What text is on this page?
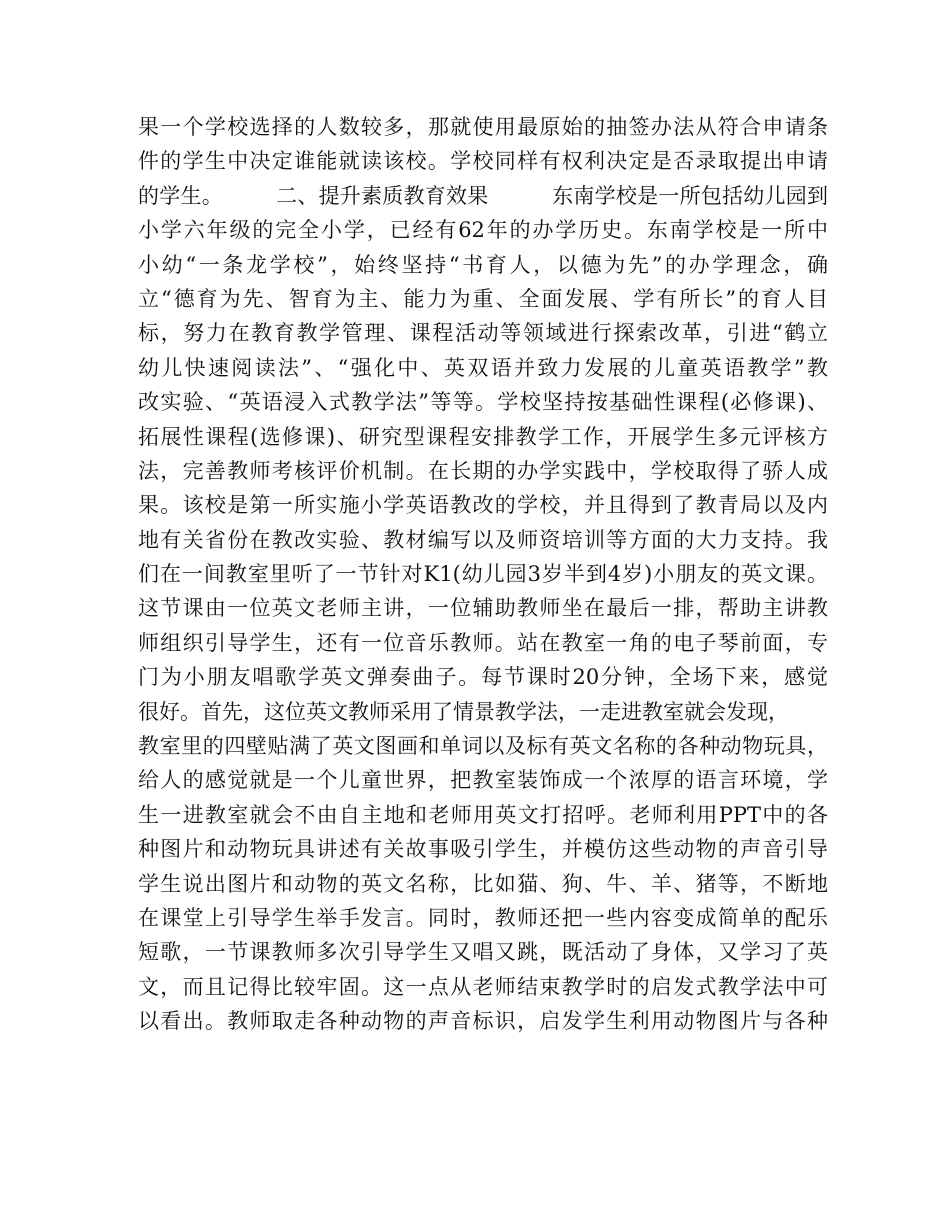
果一个学校选择的人数较多，那就使用最原始的抽签办法从符合申请条
件的学生中决定谁能就读该校。学校同样有权利决定是否录取提出申请
的学生。　　　二、提升素质教育效果　　　东南学校是一所包括幼儿园到
小学六年级的完全小学，已经有62年的办学历史。东南学校是一所中
小幼“一条龙学校”，始终坚持“书育人，以德为先”的办学理念，确
立“德育为先、智育为主、能力为重、全面发展、学有所长”的育人目
标，努力在教育教学管理、课程活动等领域进行探索改革，引进“鹤立
幼儿快速阅读法”、“强化中、英双语并致力发展的儿童英语教学”教
改实验、“英语浸入式教学法”等等。学校坚持按基础性课程(必修课)、
拓展性课程(选修课)、研究型课程安排教学工作，开展学生多元评核方
法，完善教师考核评价机制。在长期的办学实践中，学校取得了骄人成
果。该校是第一所实施小学英语教改的学校，并且得到了教青局以及内
地有关省份在教改实验、教材编写以及师资培训等方面的大力支持。我
们在一间教室里听了一节针对K1(幼儿园3岁半到4岁)小朋友的英文课。
这节课由一位英文老师主讲，一位辅助教师坐在最后一排，帮助主讲教
师组织引导学生，还有一位音乐教师。站在教室一角的电子琴前面，专
门为小朋友唱歌学英文弹奏曲子。每节课时20分钟，全场下来，感觉
很好。首先，这位英文教师采用了情景教学法，一走进教室就会发现，
教室里的四壁贴满了英文图画和单词以及标有英文名称的各种动物玩具，
给人的感觉就是一个儿童世界，把教室装饰成一个浓厚的语言环境，学
生一进教室就会不由自主地和老师用英文打招呼。老师利用PPT中的各
种图片和动物玩具讲述有关故事吸引学生，并模仿这些动物的声音引导
学生说出图片和动物的英文名称，比如猫、狗、牛、羊、猪等，不断地
在课堂上引导学生举手发言。同时，教师还把一些内容变成简单的配乐
短歌，一节课教师多次引导学生又唱又跳，既活动了身体，又学习了英
文，而且记得比较牢固。这一点从老师结束教学时的启发式教学法中可
以看出。教师取走各种动物的声音标识，启发学生利用动物图片与各种
